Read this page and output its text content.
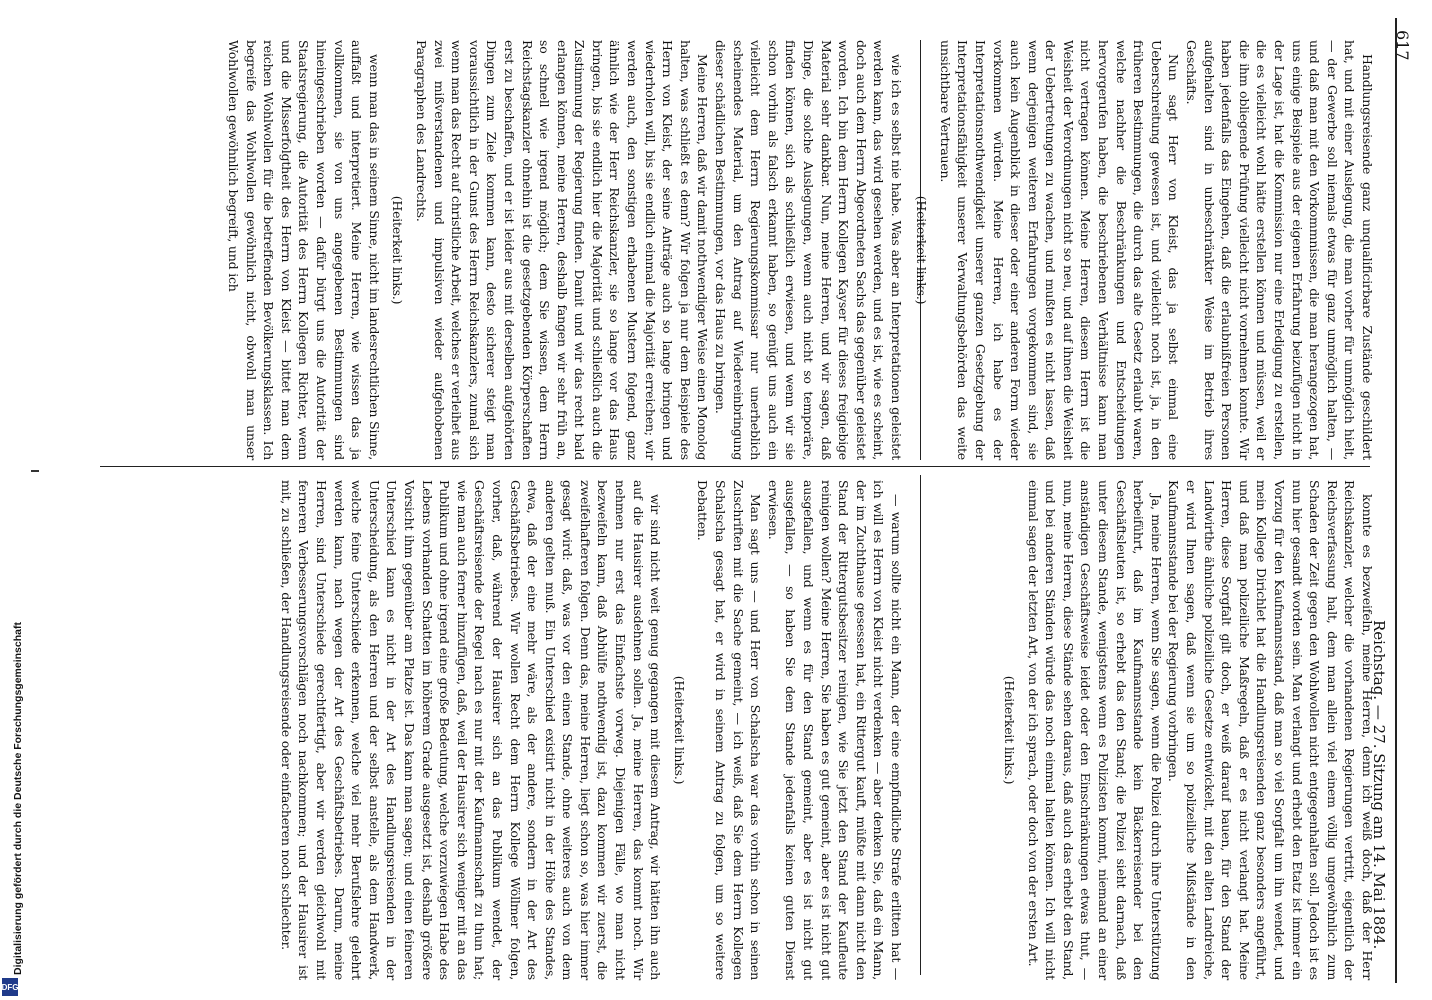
Reichstag. — 27. Sitzung am 14. Mai 1884.
617

konnte es bezweifeln, meine Herren, denn ich weiß doch, daß der Herr Reichskanzler, welcher die vorhandenen Regierungen vertritt, eigentlich der Reichsverfassung halt, dem man allein viel einem völlig umgewöhnlich zum Schaden der Zeit gegen den Wohlwollen nicht entgegenhalten soll. Jedoch ist es nun hier gesandt worden sein. Man verlangt und erhebt den Etatz ist immer ein Vorzug für den Kaufmannsstand, daß man so viel Sorgfalt um ihn wendet, und mein Kollege Dirichlet hat die Handlungsreisenden ganz besonders angeführt, und daß man polizeiliche Maßregeln, daß er es nicht verlangt hat. Meine Herren, diese Sorgfalt gilt doch, er weiß darauf bauen, für den Stand der Landwirthe ähnliche polizeiliche Gesetze entwickelt, mit den alten Landreiche, er wird Ihnen sagen, daß wenn sie um so polizeiliche Mißstände in den Kaufmannsstande bei der Regierung vorbringen.

Ja, meine Herren, wenn Sie sagen, wenn die Polizei durch ihre Unterstützung herbeiführt, daß im Kaufmannsstande kein Bäckerreisender bei den Geschäftsleuten ist, so erhebt das den Stand; die Polizei sieht darnach, daß unter diesem Stande, wenigstens wenn es Polizisten kommt, niemand an einer anständigen Geschäftsweise leidet oder den Einschränkungen etwas thut, — nun, meine Herren, diese Stände sehen daraus, daß auch das erhebt den Stand, und bei anderen Ständen würde das noch einmal halten können. Ich will nicht einmal sagen der letzten Art, von der ich sprach, oder doch von der ersten Art.

(Heiterkeit links.)

Handlungsreisende ganz unqualificirbare Zustände geschildert hat, und mit einer Auslegung, die man vorher für unmöglich hielt, — der Gewerbe soll niemals etwas für ganz unmöglich halten, — und daß man mit den Vorkommnissen, die man herangezogen hat, uns einige Beispiele aus der eigenen Erfahrung beizufügen nicht in der Lage ist, hat die Kommission nur eine Erledigung zu erstellen, die es vielleicht wohl hätte erstellen können und müssen, weil er die ihm obliegende Prüfung vielleicht nicht vornehmen konnte. Wir haben jedenfalls das Eingehen, daß die erlaubnißfreien Personen aufgehalten sind in unbeschränkter Weise im Betrieb ihres Geschäfts.

Nun sagt Herr von Kleist, das ja selbst einmal eine Ueberschreitung gewesen ist, und vielleicht noch ist, ja, in den früheren Bestimmungen, die durch das alte Gesetz erlaubt waren, welche nachher die Beschränkungen und Entscheidungen hervorgerufen haben, die beschriebenen Verhältnisse kann man nicht vertragen können. Meine Herren, diesem Herrn ist die Weisheit der Verordnungen nicht so neu, und auf ihnen die Weisheit der Uebertretungen zu wachen, und mußten es nicht lassen, daß wenn derjenigen weiteren Erfahrungen vorgekommen sind, sie auch kein Augenblick in dieser oder einer anderen Form wieder vorkommen würden. Meine Herren, ich habe es der Interpretationsnothwendigkeit unserer ganzen Gesetzgebung der Interpretationsfähigkeit unserer Verwaltungsbehörden das weite unsichtbare Vertrauen.

(Heiterkeit links.)

wie ich es selbst nie habe. Was aber an Interpretationen geleistet werden kann, das wird gesehen werden, und es ist, wie es scheint, doch auch dem Herrn Abgeordneten Sachs das gegenüber geleistet worden. Ich bin dem Herrn Kollegen Kayser für dieses freigiebige Material sehr dankbar. Nun, meine Herren, und wir sagen, daß Dinge, die solche Auslegungen, wenn auch nicht so temporäre, finden können, sich als schließlich erwiesen, und wenn wir sie schon vorhin als falsch erkannt haben, so genügt uns auch ein vielleicht dem Herrn Regierungskommissar nur unerheblich scheinendes Material, um den Antrag auf Wiedereinbringung dieser schädlichen Bestimmungen, vor das Haus zu bringen.

Meine Herren, daß wir damit nothwendiger Weise einen Monolog halten, was schließt es denn? Wir folgen ja nur dem Beispiele des Herrn von Kleist, der seine Anträge auch so lange bringen und wiederholen will, bis sie endlich einmal die Majorität erreichen; wir werden auch, den sonstigen erhabenen Mustern folgend, ganz ähnlich wie der Herr Reichskanzler, sie so lange vor das Haus bringen, bis sie endlich hier die Majorität und schließlich auch die Zustimmung der Regierung finden. Damit und wir das recht bald erlangen können, meine Herren, deshalb fangen wir sehr früh an, so schnell wie irgend möglich; dem Sie wissen, dem Herrn Reichstagskanzler ohnehin ist die gesetzgebenden Körperschaften erst zu beschaffen, und er ist leider aus mit derselben aufgehörten Dingen zum Ziele kommen kann, desto sicherer steigt man voraussichtlich in der Gunst des Herrn Reichskanzlers, zumal sich wenn man das Recht auf christliche Arbeit, welches er verleihet aus zwei mißverstandenen und impulsiven wieder aufgehobenen Paragraphen des Landrechts.

(Heiterkeit links.)

wenn man das in seinem Sinne, nicht im landesrechtlichen Sinne, auffaßt und interpretiert. Meine Herren, wie wissen das ja vollkommen, sie von uns angegebenen Bestimmungen sind hineingeschrieben worden — dafür bürgt uns die Autorität der Staatsregierung, die Autorität des Herrn Kollegen Richter, wenn und die Misserfolgtheit des Herrn von Kleist — bittet man dem reichen Wohlwollen für die betreffenden Bevölkerungsklassen. Ich begreife das Wohlwollen gewöhnlich nicht, obwohl man unser Wohlwollen gewöhnlich begreift, und ich

— warum sollte nicht ein Mann, der eine empfindliche Strafe erlitten hat — ich will es Herrn von Kleist nicht verdenken — aber denken Sie, daß ein Mann, der im Zuchthause gesessen hat, ein Rittergut kauft, müßte mit dann nicht den Stand der Rittergutsbesitzer reinigen, wie Sie jetzt den Stand der Kaufleute reinigen wollen? Meine Herren, Sie haben es gut gemeint, aber es ist nicht gut ausgefallen, und wenn es für den Stand gemeint, aber es ist nicht gut ausgefallen, — so haben Sie dem Stande jedenfalls keinen guten Dienst erwiesen.

Man sagt uns — und Herr von Schalscha war das vorhin schon in seinen Zuschriften mit die Sache gemeint, — ich weiß, daß Sie dem Herrn Kollegen Schalscha gesagt hat, er wird in seinem Antrag zu folgen, um so weitere Debatten.

(Heiterkeit links.)

wir sind nicht weit genug gegangen mit diesem Antrag, wir hätten ihn auch auf die Hausirer ausdehnen sollen. Ja, meine Herren, das kommt noch. Wir nehmen nur erst das Einfachste vorweg. Diejenigen Fälle, wo man nicht bezweifeln kann, daß Abhülfe nothwendig ist, dazu kommen wir zuerst, die zweifelhafteren folgen. Denn das, meine Herren, liegt schon so, was hier immer gesagt wird: daß, was vor den einen Stande, ohne weiteres auch von dem anderen gelten muß. Ein Unterschied existirt nicht in der Höhe des Standes, etwa, daß der eine mehr wäre, als der andere, sondern in der Art des Geschäftsbetriebes. Wir wollen Recht dem Herrn Kollege Wöllmer folgen, vorher, daß, während der Hausirer sich an das Publikum wendet, der Geschäftsreisende der Regel nach es nur mit der Kaufmannschaft zu thun hat; wie man auch ferner hinzufügen, daß, weil der Hausirer sich weniger mit an das Publikum und ohne irgend eine große Bedeutung, welche vorzuwiegen Habe des Lebens vorhanden Schatten im höherem Grade ausgesetzt ist, deshalb größere Vorsicht ihm gegenüber am Platze ist. Das kann man sagen; und einen feineren Unterschied kann es nicht in der Art des Handlungsreisenden in der Unterscheidung, als den Herren und der selbst anstelle, als dem Handwerk, welche feine Unterschiede erkennen, welche viel mehr Berufslehre gelehrt werden kann, nach wegen der Art des Geschäftsbetriebes. Darum, meine Herren, sind Unterschiede gerechtfertigt, aber wir werden gleichwohl mit ferneren Verbesserungsvorschlägen noch nachkommen; und der Hausirer ist mit, zu schließen, der Handlungsreisende oder einfacheren noch schlechter.

Digitalisierung gefördert durch die Deutsche Forschungsgemeinschaft
DFG
